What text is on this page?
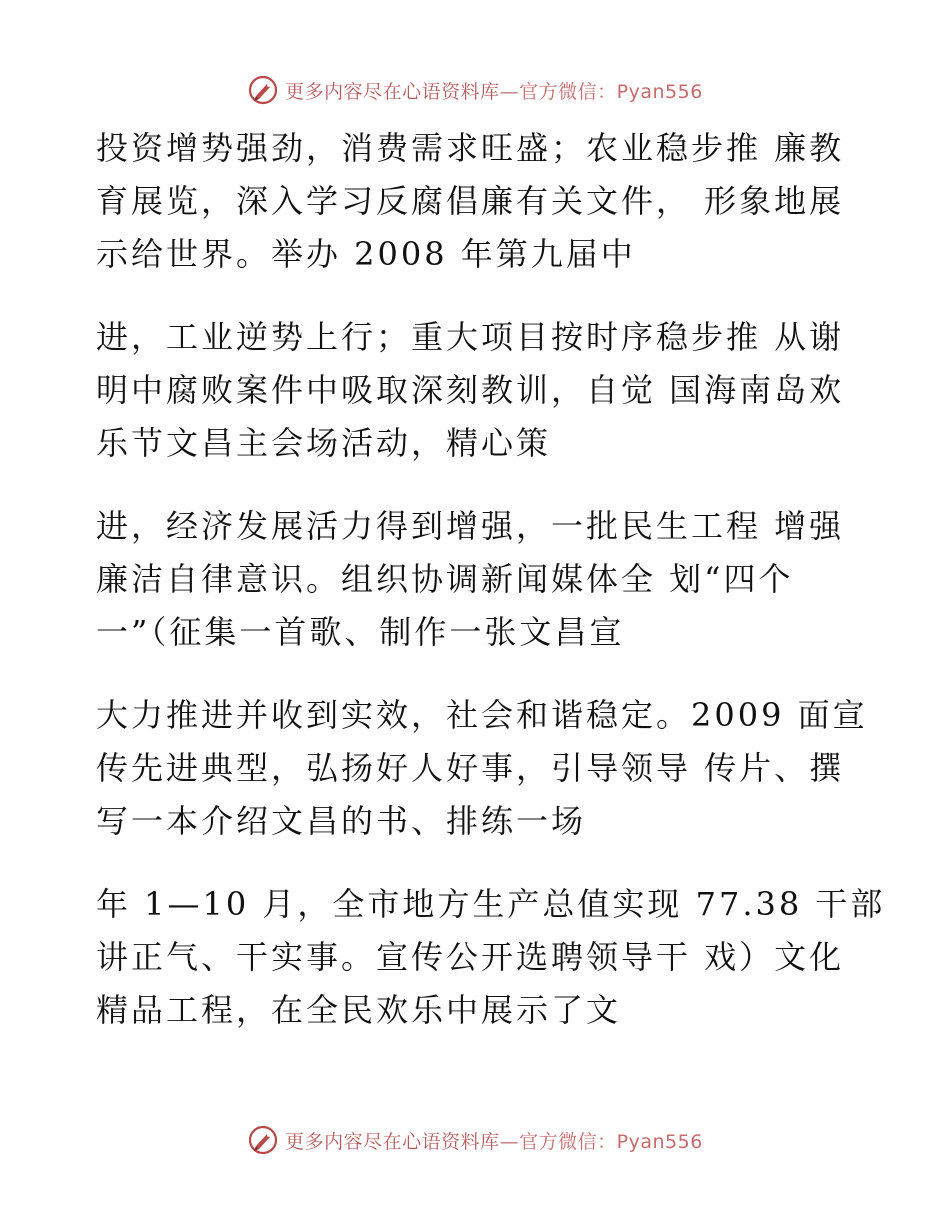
更多内容尽在心语资料库—官方微信：Pyan556

投资增势强劲，消费需求旺盛；农业稳步推 廉教
育展览，深入学习反腐倡廉有关文件， 形象地展
示给世界。举办 2008 年第九届中

进，工业逆势上行；重大项目按时序稳步推 从谢
明中腐败案件中吸取深刻教训，自觉 国海南岛欢
乐节文昌主会场活动，精心策

进，经济发展活力得到增强，一批民生工程 增强
廉洁自律意识。组织协调新闻媒体全 划“四个
一”（征集一首歌、制作一张文昌宣

大力推进并收到实效，社会和谐稳定。2009 面宣
传先进典型，弘扬好人好事，引导领导 传片、撰
写一本介绍文昌的书、排练一场

年 1—10 月，全市地方生产总值实现 77.38 干部
讲正气、干实事。宣传公开选聘领导干 戏）文化
精品工程，在全民欢乐中展示了文

更多内容尽在心语资料库—官方微信：Pyan556
